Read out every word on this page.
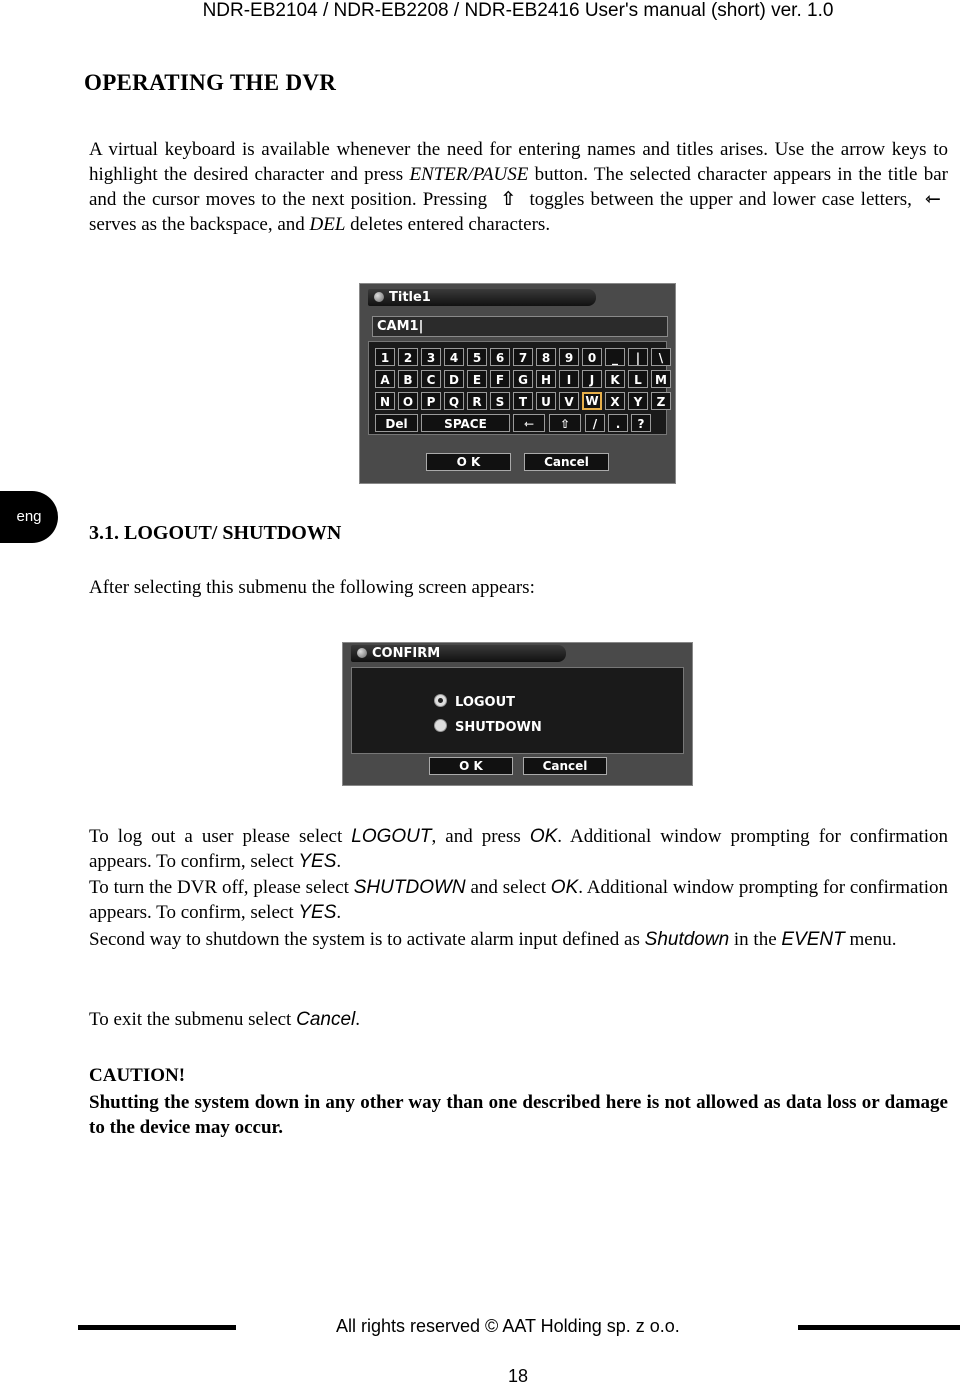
NDR-EB2104 / NDR-EB2208 / NDR-EB2416 User's manual (short) ver. 1.0
OPERATING THE DVR

A virtual keyboard is available whenever the need for entering names and titles arises. Use the arrow keys to highlight the desired character and press ENTER/PAUSE button. The selected character appears in the title bar and the cursor moves to the next position. Pressing ⇧ toggles between the upper and lower case letters, ⇽ serves as the backspace, and DEL deletes entered characters.

Title1
CAM1|
1	2	3	4	5	6	7	8	9	0	_	|	\
A	B	C	D	E	F	G	H	I	J	K	L	M
N	O	P	Q	R	S	T	U	V W X	Y	Z
Del	SPACE	⇽	⇧	/	.	?
O K	Cancel
eng
3.1. LOGOUT/ SHUTDOWN
After selecting this submenu the following screen appears:
CONFIRM
LOGOUT
SHUTDOWN
O K	Cancel

To log out a user please select LOGOUT, and press OK. Additional window prompting for confirmation appears. To confirm, select YES.

To turn the DVR off, please select SHUTDOWN and select OK. Additional window prompting for confirmation appears. To confirm, select YES.

Second way to shutdown the system is to activate alarm input defined as Shutdown in the EVENT menu.

To exit the submenu select Cancel.

CAUTION!
Shutting the system down in any other way than one described here is not allowed as data loss or damage to the device may occur.
All rights reserved © AAT Holding sp. z o.o.
18
